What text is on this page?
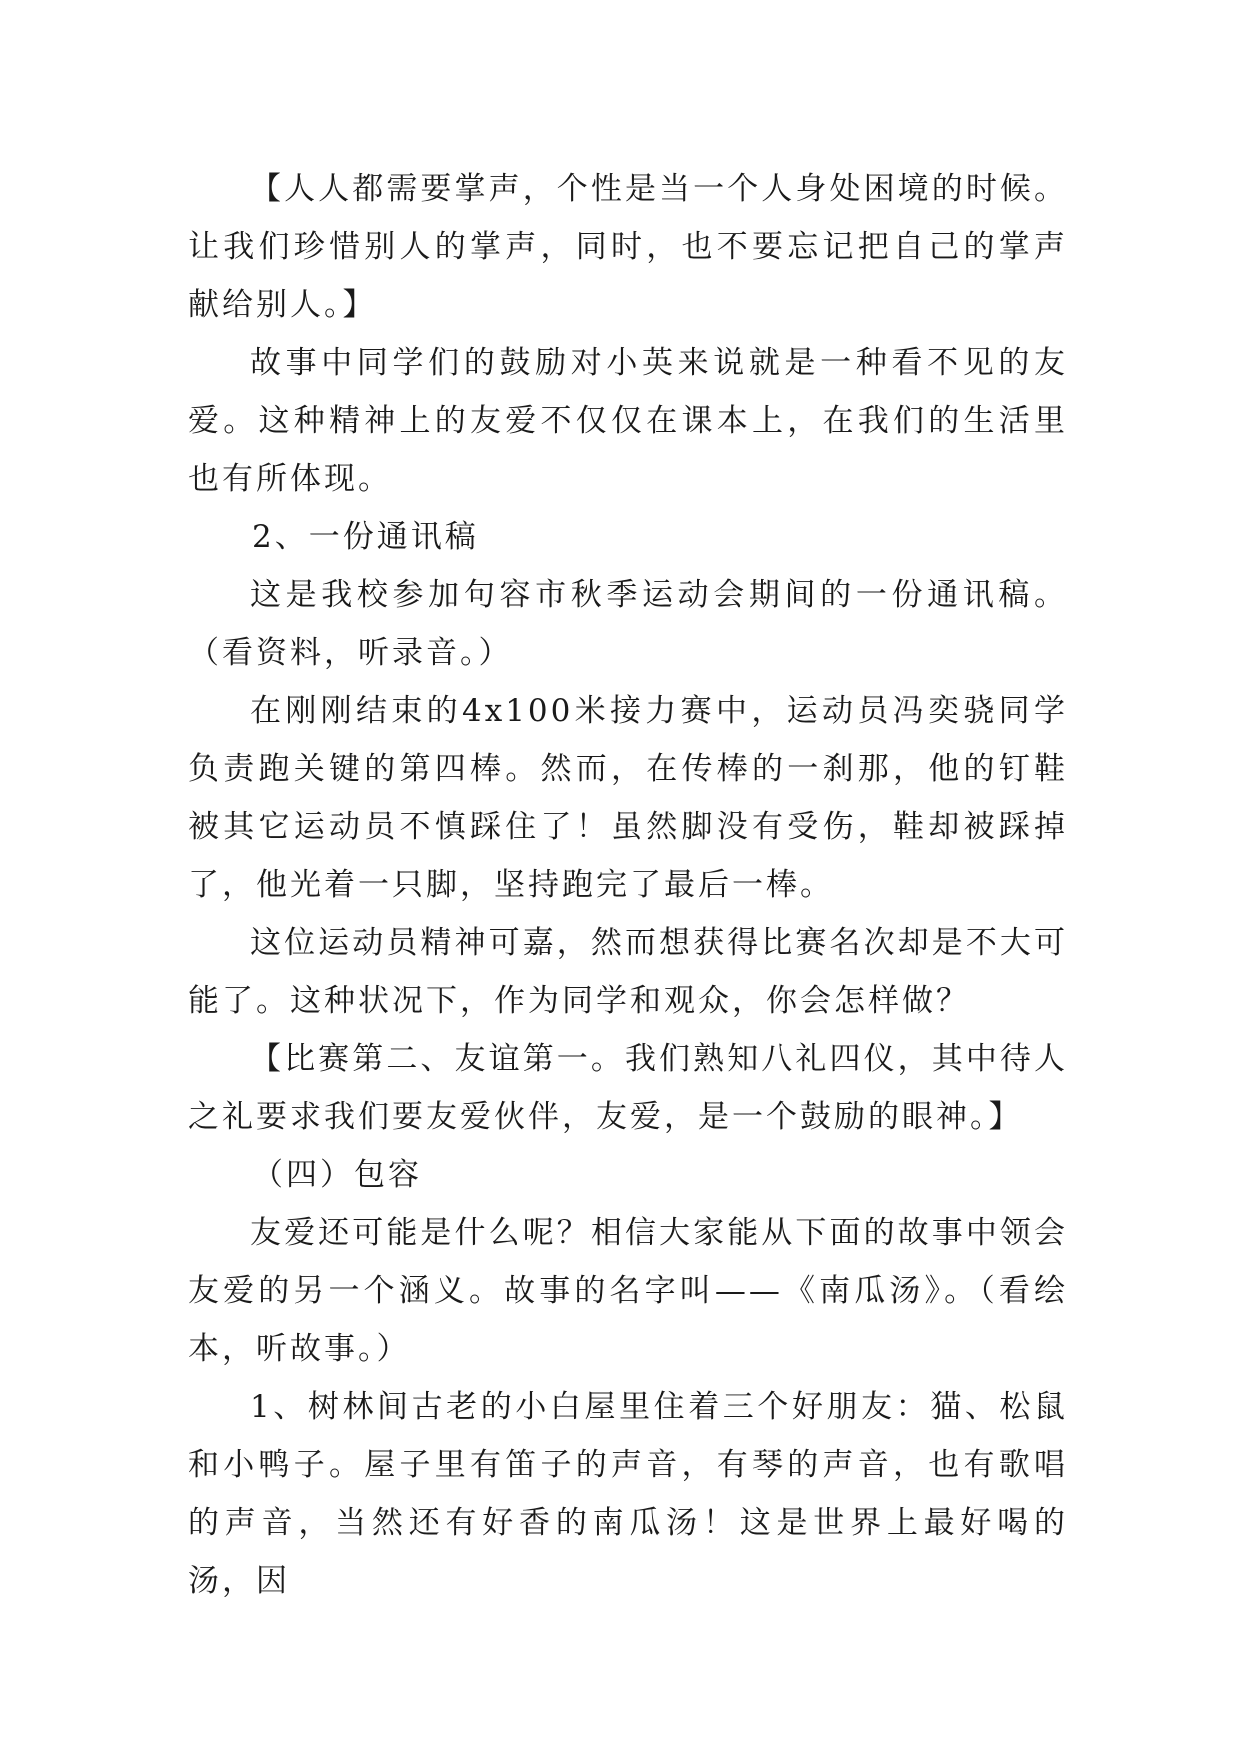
【人人都需要掌声，个性是当一个人身处困境的时候。让我们珍惜别人的掌声，同时，也不要忘记把自己的掌声献给别人。】

故事中同学们的鼓励对小英来说就是一种看不见的友爱。这种精神上的友爱不仅仅在课本上，在我们的生活里也有所体现。

2、一份通讯稿

这是我校参加句容市秋季运动会期间的一份通讯稿。（看资料，听录音。）

在刚刚结束的4x100米接力赛中，运动员冯奕骁同学负责跑关键的第四棒。然而，在传棒的一刹那，他的钉鞋被其它运动员不慎踩住了！虽然脚没有受伤，鞋却被踩掉了，他光着一只脚，坚持跑完了最后一棒。

这位运动员精神可嘉，然而想获得比赛名次却是不大可能了。这种状况下，作为同学和观众，你会怎样做？

【比赛第二、友谊第一。我们熟知八礼四仪，其中待人之礼要求我们要友爱伙伴，友爱，是一个鼓励的眼神。】

（四）包容

友爱还可能是什么呢？相信大家能从下面的故事中领会友爱的另一个涵义。故事的名字叫——《南瓜汤》。（看绘本，听故事。）

1、树林间古老的小白屋里住着三个好朋友：猫、松鼠和小鸭子。屋子里有笛子的声音，有琴的声音，也有歌唱的声音，当然还有好香的南瓜汤！这是世界上最好喝的汤，因
